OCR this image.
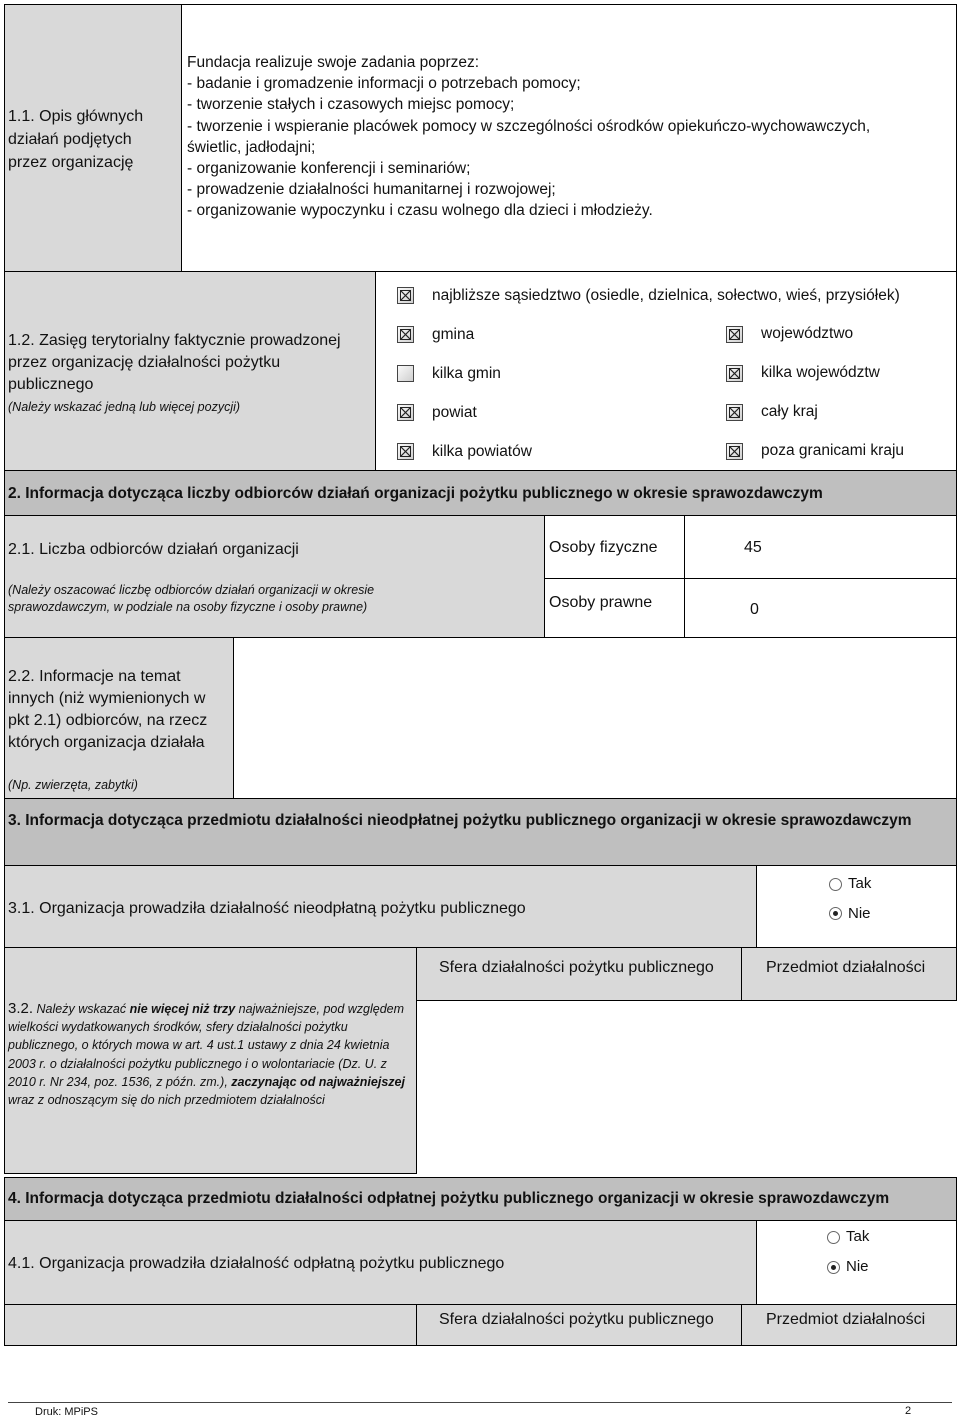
1.1. Opis głównych działań podjętych przez organizację
Fundacja realizuje swoje zadania poprzez:
- badanie i gromadzenie informacji o potrzebach pomocy;
- tworzenie stałych i czasowych miejsc pomocy;
- tworzenie i wspieranie placówek pomocy w szczególności ośrodków opiekuńczo-wychowawczych,
świetlic, jadłodajni;
- organizowanie konferencji i seminariów;
- prowadzenie działalności humanitarnej i rozwojowej;
- organizowanie wypoczynku i czasu wolnego dla dzieci i młodzieży.
1.2. Zasięg terytorialny faktycznie prowadzonej przez organizację działalności pożytku publicznego
(Należy wskazać jedną lub więcej pozycji)
najbliższe sąsiedztwo (osiedle, dzielnica, sołectwo, wieś, przysiółek)
gmina
kilka gmin
powiat
kilka powiatów
województwo
kilka województw
cały kraj
poza granicami kraju
2. Informacja dotycząca liczby odbiorców działań organizacji pożytku publicznego w okresie sprawozdawczym
2.1. Liczba odbiorców działań organizacji
(Należy oszacować liczbę odbiorców działań organizacji w okresie sprawozdawczym, w podziale na osoby fizyczne i osoby prawne)
Osoby fizyczne	45
Osoby prawne	0
2.2. Informacje na temat innych (niż wymienionych w pkt 2.1) odbiorców, na rzecz których organizacja działała
(Np. zwierzęta, zabytki)
3. Informacja dotycząca przedmiotu działalności nieodpłatnej pożytku publicznego organizacji w okresie sprawozdawczym
3.1. Organizacja prowadziła działalność nieodpłatną pożytku publicznego
Tak
Nie
3.2. Należy wskazać nie więcej niż trzy najważniejsze, pod względem wielkości wydatkowanych środków, sfery działalności pożytku publicznego, o których mowa w art. 4 ust.1 ustawy z dnia 24 kwietnia 2003 r. o działalności pożytku publicznego i o wolontariacie (Dz. U. z 2010 r. Nr 234, poz. 1536, z późn. zm.), zaczynając od najważniejszej wraz z odnoszącym się do nich przedmiotem działalności
Sfera działalności pożytku publicznego	Przedmiot działalności
4. Informacja dotycząca przedmiotu działalności odpłatnej pożytku publicznego organizacji w okresie sprawozdawczym
4.1. Organizacja prowadziła działalność odpłatną pożytku publicznego
Tak
Nie
Sfera działalności pożytku publicznego	Przedmiot działalności
Druk: MPiPS	2
